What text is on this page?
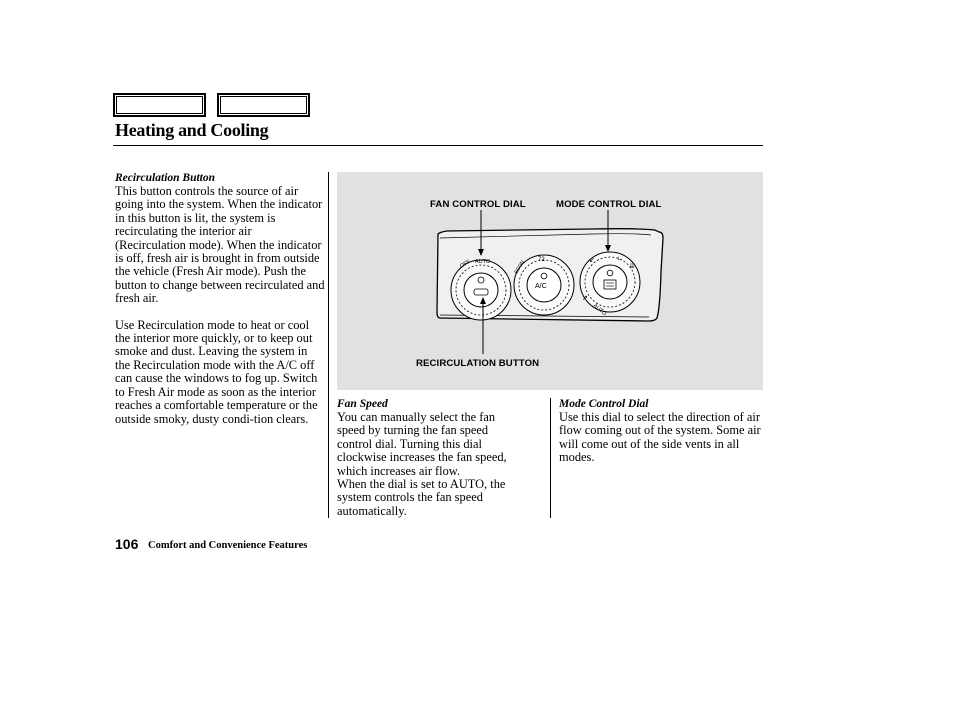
Heating and Cooling
Recirculation Button

This button controls the source of air going into the system. When the indicator in this button is lit, the system is recirculating the interior air (Recirculation mode). When the indicator is off, fresh air is brought in from outside the vehicle (Fresh Air mode). Push the button to change between recirculated and fresh air.

Use Recirculation mode to heat or cool the interior more quickly, or to keep out smoke and dust. Leaving the system in the Recirculation mode with the A/C off can cause the windows to fog up. Switch to Fresh Air mode as soon as the interior reaches a comfortable temperature or the outside smoky, dusty condi-tion clears.

OFF AUTO
A/C
72
ECON
AUTO
↗
↙	↓
⇊
FAN CONTROL DIAL	MODE CONTROL DIAL
RECIRCULATION BUTTON
Fan Speed
You can manually select the fan
speed by turning the fan speed
control dial. Turning this dial
clockwise increases the fan speed,
which increases air flow.
When the dial is set to AUTO, the
system controls the fan speed
automatically.
Mode Control Dial

Use this dial to select the direction of air flow coming out of the system. Some air will come out of the side vents in all modes.

106 Comfort and Convenience Features
